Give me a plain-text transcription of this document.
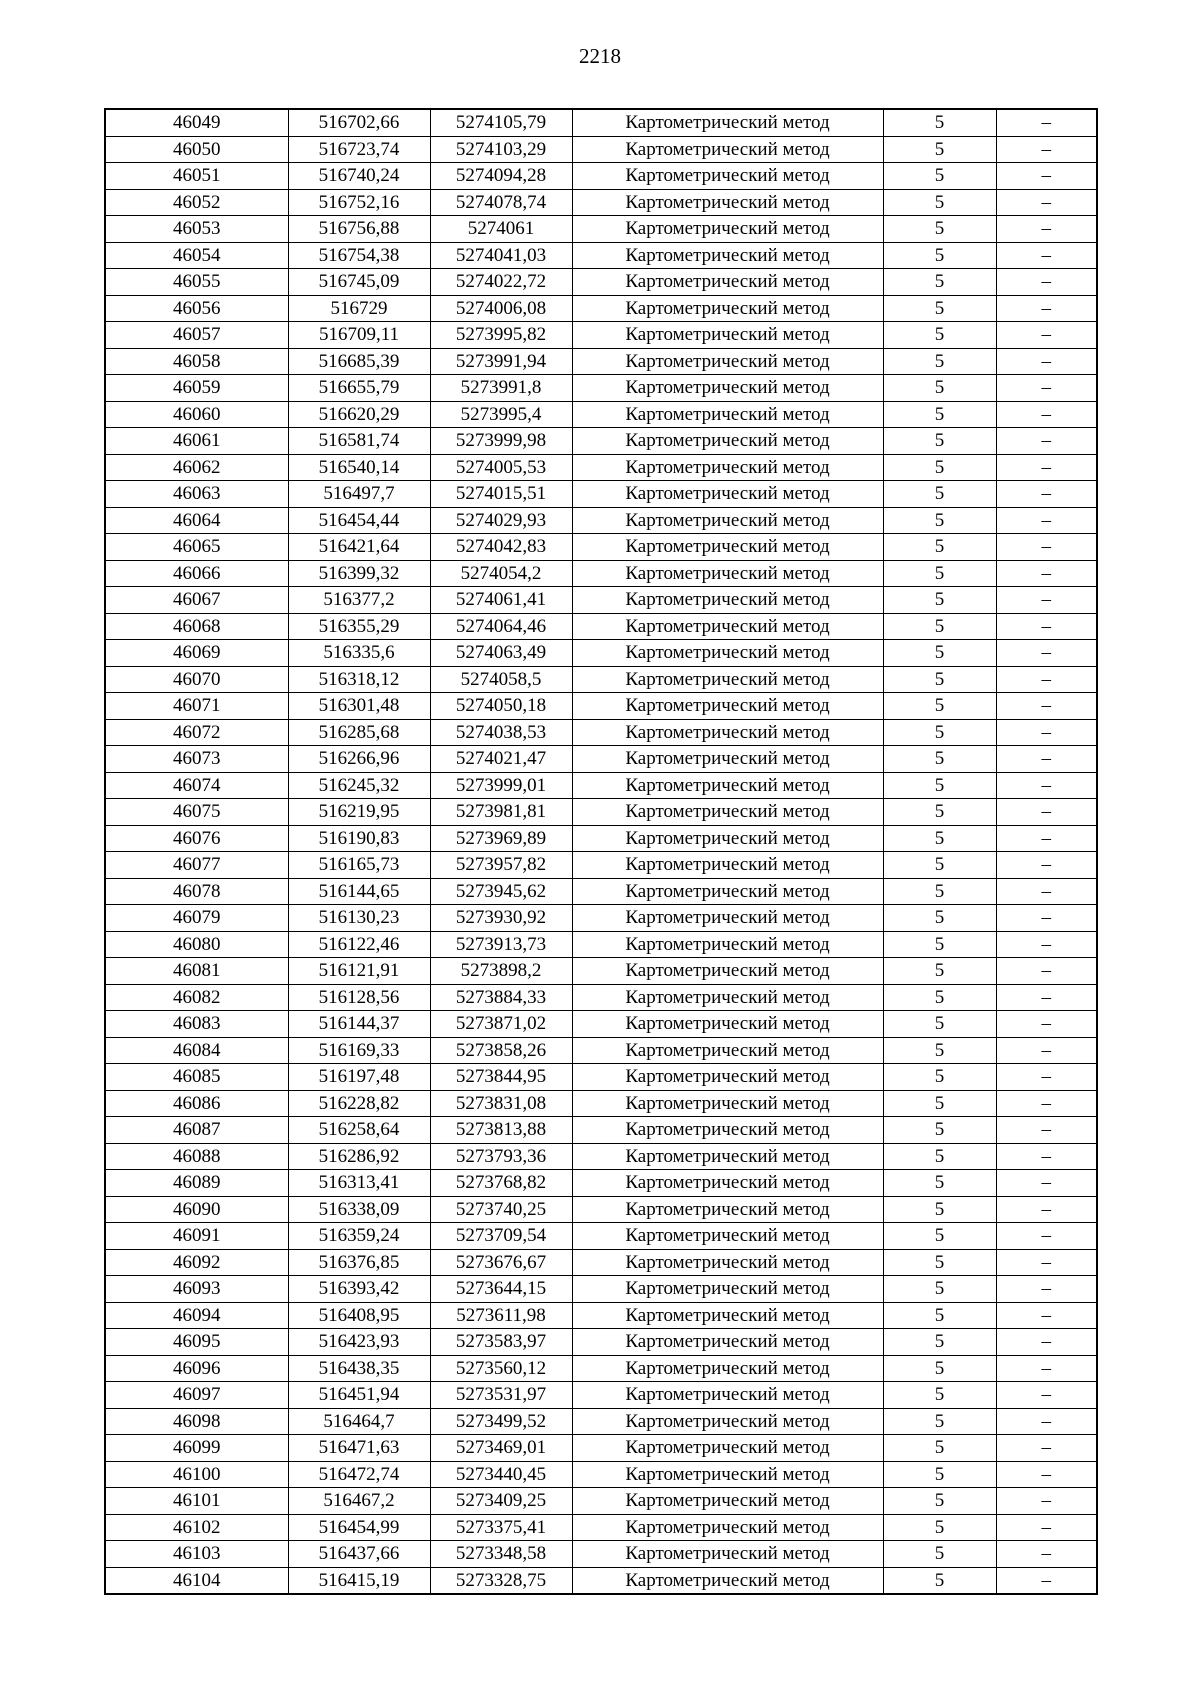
2218
46049	516702,66	5274105,79	Картометрический метод	5	–
46050	516723,74	5274103,29	Картометрический метод	5	–
46051	516740,24	5274094,28	Картометрический метод	5	–
46052	516752,16	5274078,74	Картометрический метод	5	–
46053	516756,88	5274061	Картометрический метод	5	–
46054	516754,38	5274041,03	Картометрический метод	5	–
46055	516745,09	5274022,72	Картометрический метод	5	–
46056	516729	5274006,08	Картометрический метод	5	–
46057	516709,11	5273995,82	Картометрический метод	5	–
46058	516685,39	5273991,94	Картометрический метод	5	–
46059	516655,79	5273991,8	Картометрический метод	5	–
46060	516620,29	5273995,4	Картометрический метод	5	–
46061	516581,74	5273999,98	Картометрический метод	5	–
46062	516540,14	5274005,53	Картометрический метод	5	–
46063	516497,7	5274015,51	Картометрический метод	5	–
46064	516454,44	5274029,93	Картометрический метод	5	–
46065	516421,64	5274042,83	Картометрический метод	5	–
46066	516399,32	5274054,2	Картометрический метод	5	–
46067	516377,2	5274061,41	Картометрический метод	5	–
46068	516355,29	5274064,46	Картометрический метод	5	–
46069	516335,6	5274063,49	Картометрический метод	5	–
46070	516318,12	5274058,5	Картометрический метод	5	–
46071	516301,48	5274050,18	Картометрический метод	5	–
46072	516285,68	5274038,53	Картометрический метод	5	–
46073	516266,96	5274021,47	Картометрический метод	5	–
46074	516245,32	5273999,01	Картометрический метод	5	–
46075	516219,95	5273981,81	Картометрический метод	5	–
46076	516190,83	5273969,89	Картометрический метод	5	–
46077	516165,73	5273957,82	Картометрический метод	5	–
46078	516144,65	5273945,62	Картометрический метод	5	–
46079	516130,23	5273930,92	Картометрический метод	5	–
46080	516122,46	5273913,73	Картометрический метод	5	–
46081	516121,91	5273898,2	Картометрический метод	5	–
46082	516128,56	5273884,33	Картометрический метод	5	–
46083	516144,37	5273871,02	Картометрический метод	5	–
46084	516169,33	5273858,26	Картометрический метод	5	–
46085	516197,48	5273844,95	Картометрический метод	5	–
46086	516228,82	5273831,08	Картометрический метод	5	–
46087	516258,64	5273813,88	Картометрический метод	5	–
46088	516286,92	5273793,36	Картометрический метод	5	–
46089	516313,41	5273768,82	Картометрический метод	5	–
46090	516338,09	5273740,25	Картометрический метод	5	–
46091	516359,24	5273709,54	Картометрический метод	5	–
46092	516376,85	5273676,67	Картометрический метод	5	–
46093	516393,42	5273644,15	Картометрический метод	5	–
46094	516408,95	5273611,98	Картометрический метод	5	–
46095	516423,93	5273583,97	Картометрический метод	5	–
46096	516438,35	5273560,12	Картометрический метод	5	–
46097	516451,94	5273531,97	Картометрический метод	5	–
46098	516464,7	5273499,52	Картометрический метод	5	–
46099	516471,63	5273469,01	Картометрический метод	5	–
46100	516472,74	5273440,45	Картометрический метод	5	–
46101	516467,2	5273409,25	Картометрический метод	5	–
46102	516454,99	5273375,41	Картометрический метод	5	–
46103	516437,66	5273348,58	Картометрический метод	5	–
46104	516415,19	5273328,75	Картометрический метод	5	–
